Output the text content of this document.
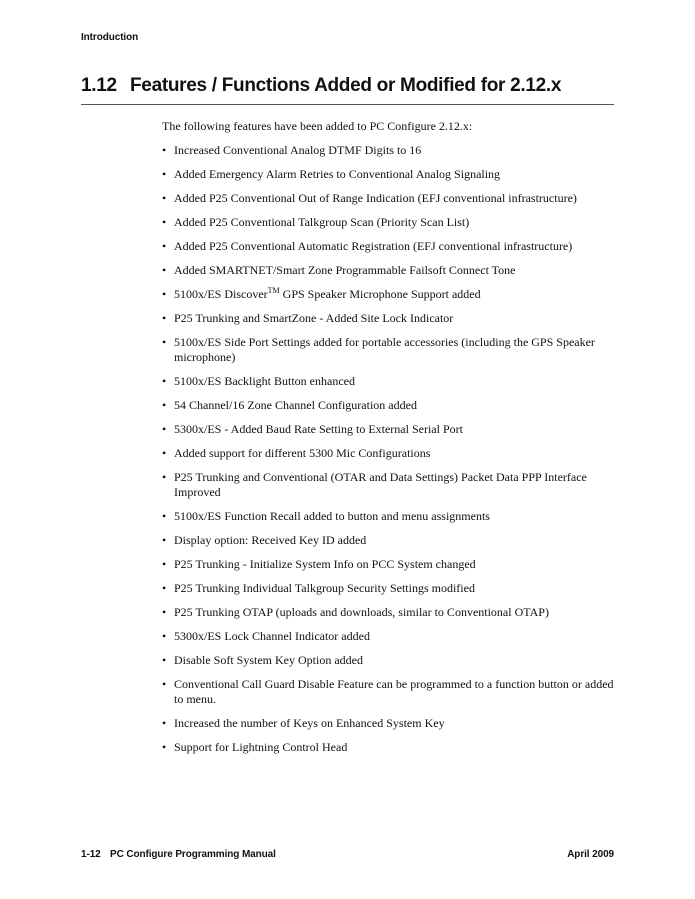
Introduction
1.12 Features / Functions Added or Modified for 2.12.x

The following features have been added to PC Configure 2.12.x:

• Increased Conventional Analog DTMF Digits to 16
• Added Emergency Alarm Retries to Conventional Analog Signaling
• Added P25 Conventional Out of Range Indication (EFJ conventional infrastructure)
• Added P25 Conventional Talkgroup Scan (Priority Scan List)
• Added P25 Conventional Automatic Registration (EFJ conventional infrastructure)
• Added SMARTNET/Smart Zone Programmable Failsoft Connect Tone
• 5100x/ES Discover™ GPS Speaker Microphone Support added
• P25 Trunking and SmartZone - Added Site Lock Indicator
• 5100x/ES Side Port Settings added for portable accessories (including the GPS Speaker microphone)
• 5100x/ES Backlight Button enhanced
• 54 Channel/16 Zone Channel Configuration added
• 5300x/ES - Added Baud Rate Setting to External Serial Port
• Added support for different 5300 Mic Configurations
• P25 Trunking and Conventional (OTAR and Data Settings) Packet Data PPP Interface Improved
• 5100x/ES Function Recall added to button and menu assignments
• Display option: Received Key ID added
• P25 Trunking - Initialize System Info on PCC System changed
• P25 Trunking Individual Talkgroup Security Settings modified
• P25 Trunking OTAP (uploads and downloads, similar to Conventional OTAP)
• 5300x/ES Lock Channel Indicator added
• Disable Soft System Key Option added
• Conventional Call Guard Disable Feature can be programmed to a function button or added to menu.
• Increased the number of Keys on Enhanced System Key
• Support for Lightning Control Head
1-12 PC Configure Programming Manual	April 2009
